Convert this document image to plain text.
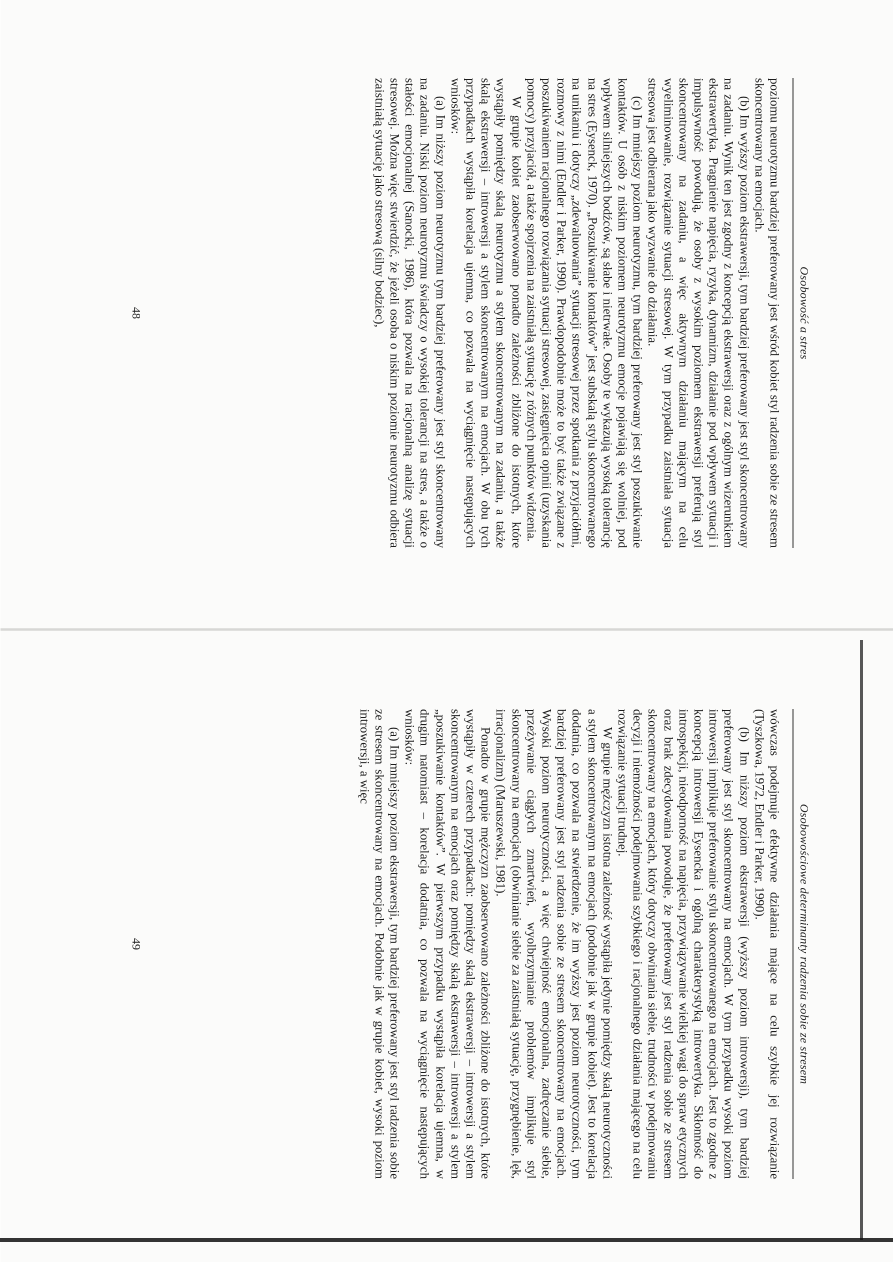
Osobowość a stres

poziomu neurotyzmu bardziej preferowany jest wśród kobiet styl radzenia sobie ze stresem skoncentrowany na emocjach.

(b) Im wyższy poziom ekstrawersji, tym bardziej preferowany jest styl skoncentrowany na zadaniu. Wynik ten jest zgodny z koncepcją ekstrawersji oraz z ogólnym wizerunkiem ekstrawertyka. Pragnienie napięcia, ryzyka, dynamizm, działanie pod wpływem sytuacji i impulsywność powodują, że osoby z wysokim poziomem ekstrawersji preferują styl skoncentrowany na zadaniu, a więc aktywnym działaniu mającym na celu wyeliminowanie, rozwiązanie sytuacji stresowej. W tym przypadku zaistniała sytuacja stresowa jest odbierana jako wyzwanie do działania.

(c) Im mniejszy poziom neurotyzmu, tym bardziej preferowany jest styl poszukiwanie kontaktów. U osób z niskim poziomem neurotyzmu emocje pojawiają się wolniej, pod wpływem silniejszych bodźców, są słabe i nietrwałe. Osoby te wykazują wysoką tolerancję na stres (Eysenck, 1970). „Poszukiwanie kontaktów” jest subskalą stylu skoncentrowanego na unikaniu i dotyczy „zdewaluowania” sytuacji stresowej przez spotkania z przyjaciółmi, rozmowy z nimi (Endler i Parker, 1990). Prawdopodobnie może to być także związane z poszukiwaniem racjonalnego rozwiązania sytuacji stresowej, zasięgnięcia opinii (uzyskania pomocy) przyjaciół, a także spojrzenia na zaistniałą sytuację z różnych punktów widzenia.

W grupie kobiet zaobserwowano ponadto zależności zbliżone do istotnych, które wystąpiły pomiędzy skalą neurotyzmu a stylem skoncentrowanym na zadaniu, a także skalą ekstrawersji – introwersji a stylem skoncentrowanym na emocjach. W obu tych przypadkach wystąpiła korelacja ujemna, co pozwala na wyciągnięcie następujących wniosków:

(a) Im niższy poziom neurotyzmu tym bardziej preferowany jest styl skoncentrowany na zadaniu. Niski poziom neurotyzmu świadczy o wysokiej tolerancji na stres, a także o stałości emocjonalnej (Sanocki, 1986), która pozwala na racjonalną analizę sytuacji stresowej. Można więc stwierdzić, że jeżeli osoba o niskim poziomie neurotyzmu odbiera zaistniałą sytuację jako stresową (silny bodziec),

48
Osobowościowe determinanty radzenia sobie ze stresem

wówczas podejmuje efektywne działania mające na celu szybkie jej rozwiązanie (Tyszkowa, 1972, Endler i Parker, 1990).

(b) Im niższy poziom ekstrawersji (wyższy poziom introwersji), tym bardziej preferowany jest styl skoncentrowany na emocjach. W tym przypadku wysoki poziom introwersji implikuje preferowanie stylu skoncentrowanego na emocjach. Jest to zgodne z koncepcją introwersji Eysencka i ogólną charakterystyką introwertyka. Skłonność do introspekcji, nieodporność na napięcia, przywiązywanie wielkiej wagi do spraw etycznych oraz brak zdecydowania powoduje, że preferowany jest styl radzenia sobie ze stresem skoncentrowany na emocjach, który dotyczy obwiniania siebie, trudności w podejmowaniu decyzji i niemożności podejmowania szybkiego i racjonalnego działania mającego na celu rozwiązanie sytuacji trudnej.

W grupie mężczyzn istotna zależność wystąpiła jedynie pomiędzy skalą neurotyczności a stylem skoncentrowanym na emocjach (podobnie jak w grupie kobiet). Jest to korelacja dodatnia, co pozwala na stwierdzenie, że im wyższy jest poziom neurotyczności, tym bardziej preferowany jest styl radzenia sobie ze stresem skoncentrowany na emocjach. Wysoki poziom neurotyczności, a więc chwiejność emocjonalna, zadręczanie siebie, przeżywanie ciągłych zmartwień, wyolbrzymianie problemów implikuje styl skoncentrowany na emocjach (obwinianie siebie za zaistniałą sytuację, przygnębienie, lęk, irracjonalizm) (Maruszewski, 1981).

Ponadto w grupie mężczyzn zaobserwowano zależności zbliżone do istotnych, które wystąpiły w czterech przypadkach: pomiędzy skalą ekstrawersji – introwersji a stylem skoncentrowanym na emocjach oraz pomiędzy skalą ekstrawersji – introwersji a stylem „poszukiwanie kontaktów”. W pierwszym przypadku wystąpiła korelacja ujemna, w drugim natomiast – korelacja dodatnia, co pozwala na wyciągnięcie następujących wniosków:

(a) Im mniejszy poziom ekstrawersji, tym bardziej preferowany jest styl radzenia sobie ze stresem skoncentrowany na emocjach. Podobnie jak w grupie kobiet, wysoki poziom introwersji, a więc

49
